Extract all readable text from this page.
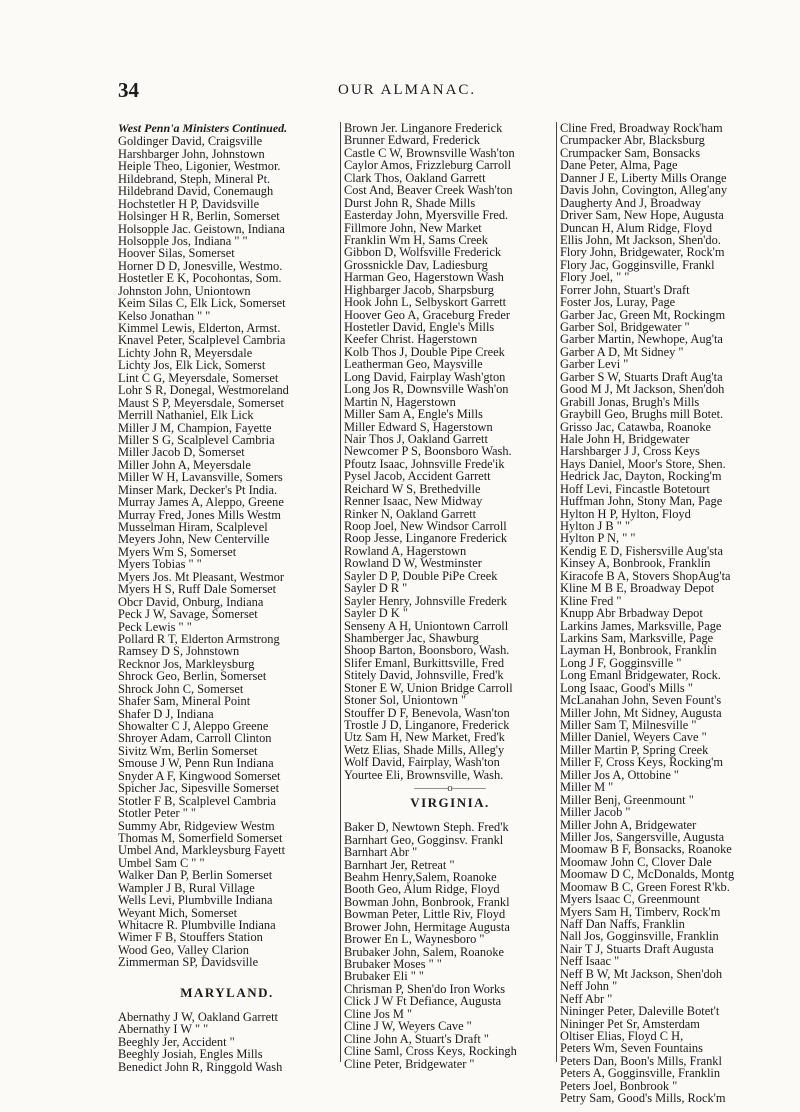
34	OUR ALMANAC.
West Penn'a Ministers Continued.
Goldinger David, Craigsville
Harshbarger John, Johnstown
Heiple Theo, Ligonier, Westmor.
Hildebrand, Steph, Mineral Pt.
Hildebrand David, Conemaugh
Hochstetler H P, Davidsville
Holsinger H R, Berlin, Somerset
Holsopple Jac. Geistown, Indiana
Holsopple Jos, Indiana " "
Hoover Silas, Somerset
Horner D D, Jonesville, Westmo.
Hostetler E K, Pocohontas, Som.
Johnston John, Uniontown
Keim Silas C, Elk Lick, Somerset
Kelso Jonathan " "
Kimmel Lewis, Elderton, Armst.
Knavel Peter, Scalplevel Cambria
Lichty John R, Meyersdale
Lichty Jos, Elk Lick, Somerst
Lint C G, Meyersdale, Somerset
Lohr S R, Donegal, Westmoreland
Maust S P, Meyersdale, Somerset
Merrill Nathaniel, Elk Lick
Miller J M, Champion, Fayette
Miller S G, Scalplevel Cambria
Miller Jacob D, Somerset
Miller John A, Meyersdale
Miller W H, Lavansville, Somers
Minser Mark, Decker's Pt India.
Murray James A, Aleppo, Greene
Murray Fred, Jones Mills Westm
Musselman Hiram, Scalplevel
Meyers John, New Centerville
Myers Wm S, Somerset
Myers Tobias " "
Myers Jos. Mt Pleasant, Westmor
Myers H S, Ruff Dale Somerset
Obcr David, Onburg, Indiana
Peck J W, Savage, Somerset
Peck Lewis " "
Pollard R T, Elderton Armstrong
Ramsey D S, Johnstown
Recknor Jos, Markleysburg
Shrock Geo, Berlin, Somerset
Shrock John C, Somerset
Shafer Sam, Mineral Point
Shafer D J, Indiana
Showalter C J, Aleppo Greene
Shroyer Adam, Carroll Clinton
Sivitz Wm, Berlin Somerset
Smouse J W, Penn Run Indiana
Snyder A F, Kingwood Somerset
Spicher Jac, Sipesville Somerset
Stotler F B, Scalplevel Cambria
Stotler Peter " "
Summy Abr, Ridgeview Westm
Thomas M, Somerfield Somerset
Umbel And, Markleysburg Fayett
Umbel Sam C " "
Walker Dan P, Berlin Somerset
Wampler J B, Rural Village
Wells Levi, Plumbville Indiana
Weyant Mich, Somerset
Whitacre R. Plumbville Indiana
Wimer F B, Stouffers Station
Wood Geo, Valley Clarion
Zimmerman SP, Davidsville
MARYLAND.
Abernathy J W, Oakland Garrett
Abernathy I W " "
Beeghly Jer, Accident "
Beeghly Josiah, Engles Mills
Benedict John R, Ringgold Wash
Brown Jer. Linganore Frederick
Brunner Edward, Frederick
Castle C W, Brownsville Wash'ton
Caylor Amos, Frizzleburg Carroll
Clark Thos, Oakland Garrett
Cost And, Beaver Creek Wash'ton
Durst John R, Shade Mills
Easterday John, Myersville Fred.
Fillmore John, New Market
Franklin Wm H, Sams Creek
Gibbon D, Wolfsville Frederick
Grossnickle Dav, Ladiesburg
Harman Geo, Hagerstown Wash
Highbarger Jacob, Sharpsburg
Hook John L, Selbyskort Garrett
Hoover Geo A, Graceburg Freder
Hostetler David, Engle's Mills
Keefer Christ. Hagerstown
Kolb Thos J, Double Pipe Creek
Leatherman Geo, Maysville
Long David, Fairplay Wash'gton
Long Jos R, Downsville Wash'on
Martin N, Hagerstown
Miller Sam A, Engle's Mills
Miller Edward S, Hagerstown
Nair Thos J, Oakland Garrett
Newcomer P S, Boonsboro Wash.
Pfoutz Isaac, Johnsville Frede'ik
Pysel Jacob, Accident Garrett
Reichard W S, Brethedville
Renner Isaac, New Midway
Rinker N, Oakland Garrett
Roop Joel, New Windsor Carroll
Roop Jesse, Linganore Frederick
Rowland A, Hagerstown
Rowland D W, Westminster
Sayler D P, Double PiPe Creek
Sayler D R "
Sayler Henry, Johnsville Frederk
Sayler D K "
Senseny A H, Uniontown Carroll
Shamberger Jac, Shawburg
Shoop Barton, Boonsboro, Wash.
Slifer Emanl, Burkittsville, Fred
Stitely David, Johnsville, Fred'k
Stoner E W, Union Bridge Carroll
Stoner Sol, Uniontown "
Stouffer D F, Benevola, Wasn'ton
Trostle J D, Linganore, Frederick
Utz Sam H, New Market, Fred'k
Wetz Elias, Shade Mills, Alleg'y
Wolf David, Fairplay, Wash'ton
Yourtee Eli, Brownsville, Wash.
———o———
VIRGINIA.
Baker D, Newtown Steph. Fred'k
Barnhart Geo, Gogginsv. Frankl
Barnhart Abr "
Barnhart Jer, Retreat "
Beahm Henry,Salem, Roanoke
Booth Geo, Alum Ridge, Floyd
Bowman John, Bonbrook, Frankl
Bowman Peter, Little Riv, Floyd
Brower John, Hermitage Augusta
Brower En L, Waynesboro "
Brubaker John, Salem, Roanoke
Brubaker Moses " "
Brubaker Eli " "
Chrisman P, Shen'do Iron Works
Click J W Ft Defiance, Augusta
Cline Jos M "
Cline J W, Weyers Cave "
Cline John A, Stuart's Draft "
Cline Saml, Cross Keys, Rockingh
Cline Peter, Bridgewater "
Cline Fred, Broadway Rock'ham
Crumpacker Abr, Blacksburg
Crumpacker Sam, Bonsacks
Dane Peter, Alma, Page
Danner J E, Liberty Mills Orange
Davis John, Covington, Alleg'any
Daugherty And J, Broadway
Driver Sam, New Hope, Augusta
Duncan H, Alum Ridge, Floyd
Ellis John, Mt Jackson, Shen'do.
Flory John, Bridgewater, Rock'm
Flory Jac, Gogginsville, Frankl
Flory Joel, " "
Forrer John, Stuart's Draft
Foster Jos, Luray, Page
Garber Jac, Green Mt, Rockingm
Garber Sol, Bridgewater "
Garber Martin, Newhope, Aug'ta
Garber A D, Mt Sidney "
Garber Levi "
Garber S W, Stuarts Draft Aug'ta
Good M J, Mt Jackson, Shen'doh
Grabill Jonas, Brugh's Mills
Graybill Geo, Brughs mill Botet.
Grisso Jac, Catawba, Roanoke
Hale John H, Bridgewater
Harshbarger J J, Cross Keys
Hays Daniel, Moor's Store, Shen.
Hedrick Jac, Dayton, Rocking'm
Hoff Levi, Fincastle Botetourt
Huffman John, Stony Man, Page
Hylton H P, Hylton, Floyd
Hylton J B " "
Hylton P N, " "
Kendig E D, Fishersville Aug'sta
Kinsey A, Bonbrook, Franklin
Kiracofe B A, Stovers ShopAug'ta
Kline M B E, Broadway Depot
Kline Fred "
Knupp Abr Brbadway Depot
Larkins James, Marksville, Page
Larkins Sam, Marksville, Page
Layman H, Bonbrook, Franklin
Long J F, Gogginsville "
Long Emanl Bridgewater, Rock.
Long Isaac, Good's Mills "
McLanahan John, Seven Fount's
Miller John, Mt Sidney, Augusta
Miller Sam T, Milnesville "
Miller Daniel, Weyers Cave "
Miller Martin P, Spring Creek
Miller F, Cross Keys, Rocking'm
Miller Jos A, Ottobine "
Miller M "
Miller Benj, Greenmount "
Miller Jacob "
Miller John A, Bridgewater
Miller Jos, Sangersville, Augusta
Moomaw B F, Bonsacks, Roanoke
Moomaw John C, Clover Dale
Moomaw D C, McDonalds, Montg
Moomaw B C, Green Forest R'kb.
Myers Isaac C, Greenmount
Myers Sam H, Timberv, Rock'm
Naff Dan Naffs, Franklin
Nall Jos, Gogginsville, Franklin
Nair T J, Stuarts Draft Augusta
Neff Isaac "
Neff B W, Mt Jackson, Shen'doh
Neff John "
Neff Abr "
Nininger Peter, Daleville Botet't
Nininger Pet Sr, Amsterdam
Oltiser Elias, Floyd C H,
Peters Wm, Seven Fountains
Peters Dan, Boon's Mills, Frankl
Peters A, Gogginsville, Franklin
Peters Joel, Bonbrook "
Petry Sam, Good's Mills, Rock'm
